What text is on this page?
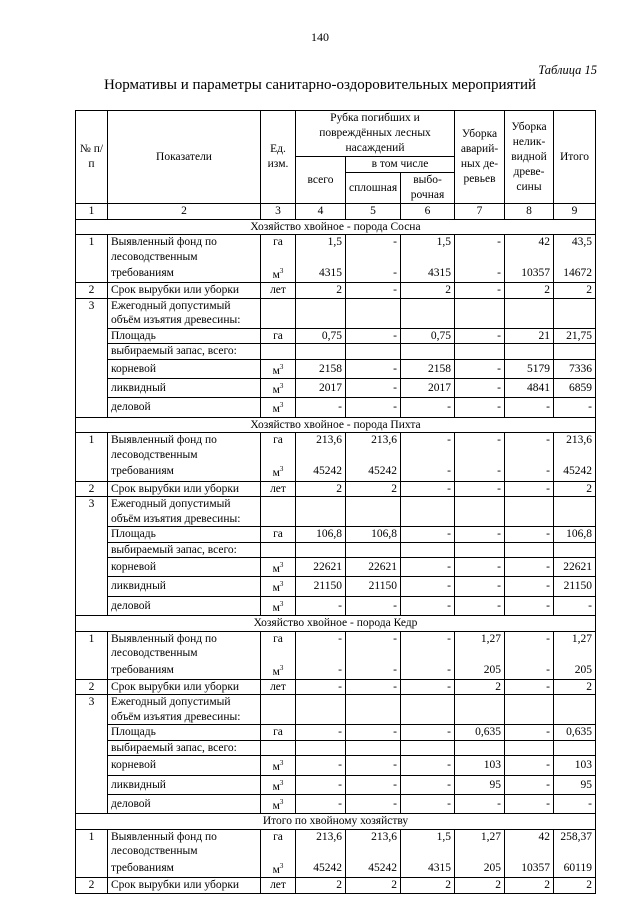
140
Таблица 15
Нормативы и параметры санитарно-оздоровительных мероприятий
№ п/п	Показатели	Ед. изм.	Рубка погибших и повреждённых лесных насаждений			Уборка аварий-ных де-ревьев	Уборка нелик-видной древе-сины	Итого
			всего	в том числе				
				сплошная	выбо-рочная			
1	2	3	4	5	6	7	8	9
Хозяйство хвойное - порода Сосна								
1	Выявленный фонд по	га	1,5	-	1,5	-	42	43,5
	лесоводственным							
	требованиям	$м^3$	4315	-	4315	-	10357	14672
2	Срок вырубки или уборки	лет	2	-	2	-	2	2
3	Ежегодный допустимый							
	объём изъятия древесины:							
	Площадь	га	0,75	-	0,75	-	21	21,75
	выбираемый запас, всего:							
	корневой	$м^3$	2158	-	2158	-	5179	7336
	ликвидный	$м^3$	2017	-	2017	-	4841	6859
	деловой	$м^3$	-	-	-	-	-	-
Хозяйство хвойное - порода Пихта								
1	Выявленный фонд по	га	213,6	213,6	-	-	-	213,6
	лесоводственным							
	требованиям	$м^3$	45242	45242	-	-	-	45242
2	Срок вырубки или уборки	лет	2	2	-	-	-	2
3	Ежегодный допустимый							
	объём изъятия древесины:							
	Площадь	га	106,8	106,8	-	-	-	106,8
	выбираемый запас, всего:							
	корневой	$м^3$	22621	22621	-	-	-	22621
	ликвидный	$м^3$	21150	21150	-	-	-	21150
	деловой	$м^3$	-	-	-	-	-	-
Хозяйство хвойное - порода Кедр								
1	Выявленный фонд по	га	-	-	-	1,27	-	1,27
	лесоводственным							
	требованиям	$м^3$	-	-	-	205	-	205
2	Срок вырубки или уборки	лет	-	-	-	2	-	2
3	Ежегодный допустимый							
	объём изъятия древесины:							
	Площадь	га	-	-	-	0,635	-	0,635
	выбираемый запас, всего:							
	корневой	$м^3$	-	-	-	103	-	103
	ликвидный	$м^3$	-	-	-	95	-	95
	деловой	$м^3$	-	-	-	-	-	-
Итого по хвойному хозяйству								
1	Выявленный фонд по	га	213,6	213,6	1,5	1,27	42	258,37
	лесоводственным							
	требованиям	$м^3$	45242	45242	4315	205	10357	60119
2	Срок вырубки или уборки	лет	2	2	2	2	2	2
